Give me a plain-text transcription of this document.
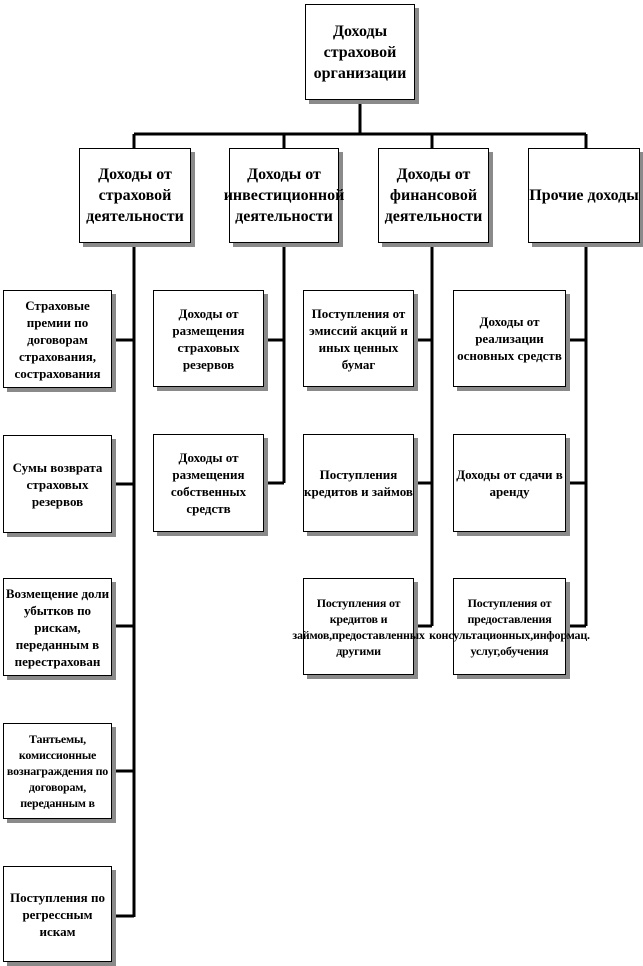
Доходы страховой организации
Доходы от страховой деятельности
Доходы от инвестиционной деятельности
Доходы от финансовой деятельности
Прочие доходы
Страховые премии по договорам страхования, сострахования
Сумы возврата страховых резервов
Возмещение доли убытков по рискам, переданным в перестрахован
Тантьемы, комиссионные вознаграждения по договорам, переданным в
Поступления по регрессным искам
Доходы от размещения страховых резервов
Доходы от размещения собственных средств
Поступления от эмиссий акций и иных ценных бумаг
Поступления кредитов и займов
Поступления от кредитов и займов,предоставленных другими
Доходы от реализации основных средств
Доходы от сдачи в аренду
Поступления от предоставления консультационных,информац. услуг,обучения
